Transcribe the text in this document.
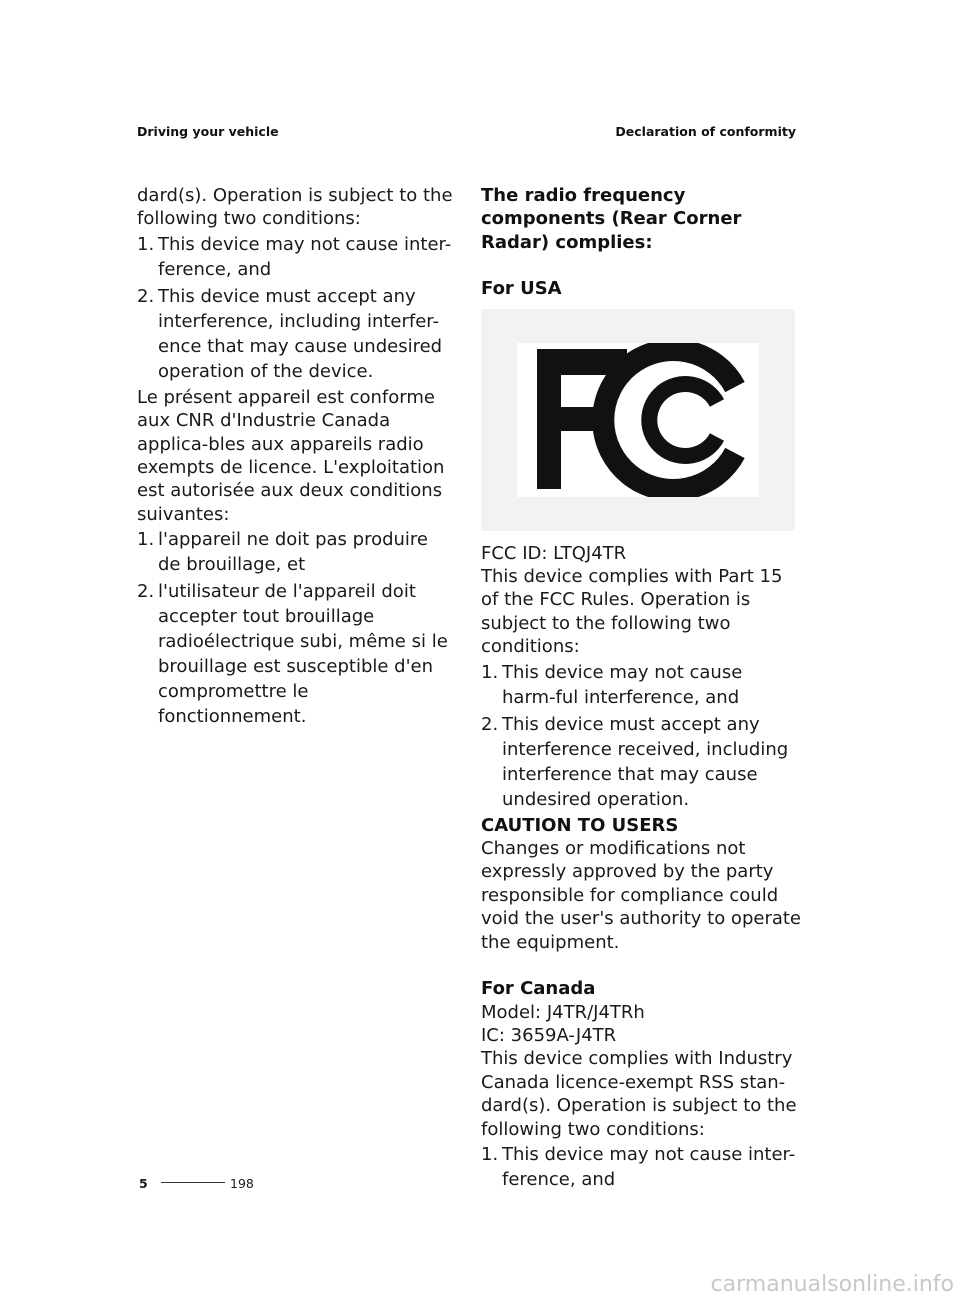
Driving your vehicle	Declaration of conformity

dard(s). Operation is subject to the following two conditions:

1. This device may not cause inter-ference, and
2. This device must accept any interference, including interfer-ence that may cause undesired operation of the device.

Le présent appareil est conforme aux CNR d'Industrie Canada applica-bles aux appareils radio exempts de licence. L'exploitation est autorisée aux deux conditions suivantes:

1. l'appareil ne doit pas produire de brouillage, et
2. l'utilisateur de l'appareil doit accepter tout brouillage radioélectrique subi, même si le brouillage est susceptible d'en compromettre le fonctionnement.

The radio frequency components (Rear Corner Radar) complies:

For USA

FCC ID: LTQJ4TR

This device complies with Part 15 of the FCC Rules. Operation is subject to the following two conditions:

1. This device may not cause harm-ful interference, and
2. This device must accept any interference received, including interference that may cause undesired operation.

CAUTION TO USERS

Changes or modifications not expressly approved by the party responsible for compliance could void the user's authority to operate the equipment.

For Canada

Model: J4TR/J4TRh

IC: 3659A-J4TR

This device complies with Industry Canada licence-exempt RSS stan-dard(s). Operation is subject to the following two conditions:

1. This device may not cause inter-ference, and
5	198
carmanualsonline.info
